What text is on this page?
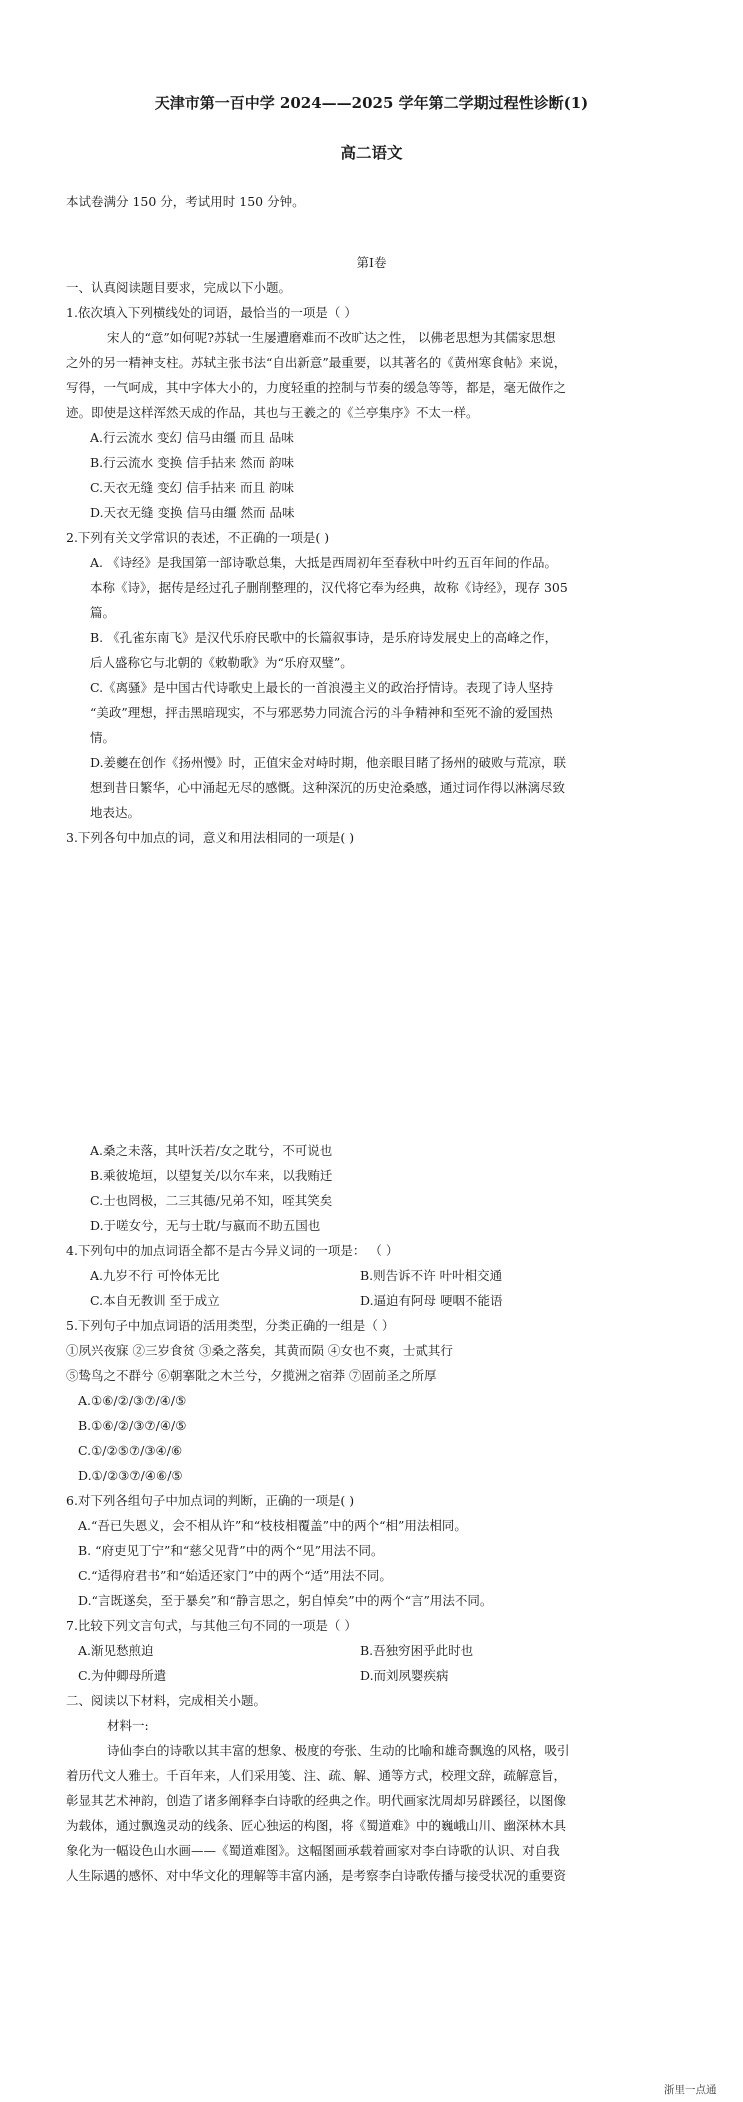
天津市第一百中学 2024——2025 学年第二学期过程性诊断(1)
高二语文
本试卷满分 150 分，考试用时 150 分钟。
第Ⅰ卷
一、认真阅读题目要求，完成以下小题。
1.依次填入下列横线处的词语，最恰当的一项是（ ）
宋人的“意”如何呢?苏轼一生屡遭磨难而不改旷达之性， 以佛老思想为其儒家思想
之外的另一精神支柱。苏轼主张书法“自出新意”最重要，以其著名的《黄州寒食帖》来说，
写得，一气呵成，其中字体大小的，力度轻重的控制与节奏的缓急等等，都是，毫无做作之
迹。即使是这样浑然天成的作品，其也与王羲之的《兰亭集序》不太一样。
A.行云流水 变幻 信马由缰 而且 品味
B.行云流水 变换 信手拈来 然而 韵味
C.天衣无缝 变幻 信手拈来 而且 韵味
D.天衣无缝 变换 信马由缰 然而 品味
2.下列有关文学常识的表述，不正确的一项是( )
A. 《诗经》是我国第一部诗歌总集，大抵是西周初年至春秋中叶约五百年间的作品。
本称《诗》，据传是经过孔子删削整理的，汉代将它奉为经典，故称《诗经》，现存 305
篇。
B. 《孔雀东南飞》是汉代乐府民歌中的长篇叙事诗，是乐府诗发展史上的高峰之作，
后人盛称它与北朝的《敕勒歌》为“乐府双璧”。
C.《离骚》是中国古代诗歌史上最长的一首浪漫主义的政治抒情诗。表现了诗人坚持
“美政”理想，抨击黑暗现实，不与邪恶势力同流合污的斗争精神和至死不渝的爱国热
情。
D.姜夔在创作《扬州慢》时，正值宋金对峙时期，他亲眼目睹了扬州的破败与荒凉，联
想到昔日繁华，心中涌起无尽的感慨。这种深沉的历史沧桑感，通过词作得以淋漓尽致
地表达。
3.下列各句中加点的词，意义和用法相同的一项是( )
A.桑之未落，其叶沃若/女之耽兮，不可说也
B.乘彼垝垣，以望复关/以尔车来，以我贿迁
C.士也罔极，二三其德/兄弟不知，咥其笑矣
D.于嗟女兮，无与士耽/与嬴而不助五国也
4.下列句中的加点词语全都不是古今异义词的一项是： （ ）
A.九岁不行 可怜体无比	B.则告诉不许 叶叶相交通
C.本自无教训 至于成立	D.逼迫有阿母 哽咽不能语
5.下列句子中加点词语的活用类型，分类正确的一组是（ ）
①夙兴夜寐 ②三岁食贫 ③桑之落矣，其黄而陨 ④女也不爽，士贰其行
⑤鸷鸟之不群兮 ⑥朝搴阰之木兰兮，夕揽洲之宿莽 ⑦固前圣之所厚
A.①⑥/②/③⑦/④/⑤
B.①⑥/②/③⑦/④/⑤
C.①/②⑤⑦/③④/⑥
D.①/②③⑦/④⑥/⑤
6.对下列各组句子中加点词的判断，正确的一项是( )
A.“吾已失恩义，会不相从许”和“枝枝相覆盖”中的两个“相”用法相同。
B. “府吏见丁宁”和“慈父见背”中的两个“见”用法不同。
C.“适得府君书”和“始适还家门”中的两个“适”用法不同。
D.“言既遂矣，至于暴矣”和“静言思之，躬自悼矣”中的两个“言”用法不同。
7.比较下列文言句式，与其他三句不同的一项是（ ）
A.渐见愁煎迫	B.吾独穷困乎此时也
C.为仲卿母所遣	D.而刘夙婴疾病
二、阅读以下材料，完成相关小题。
材料一:
诗仙李白的诗歌以其丰富的想象、极度的夸张、生动的比喻和雄奇飘逸的风格，吸引
着历代文人雅士。千百年来，人们采用笺、注、疏、解、通等方式，校理文辞，疏解意旨，
彰显其艺术神韵，创造了诸多阐释李白诗歌的经典之作。明代画家沈周却另辟蹊径，以图像
为载体，通过飘逸灵动的线条、匠心独运的构图，将《蜀道难》中的巍峨山川、幽深林木具
象化为一幅设色山水画——《蜀道难图》。这幅图画承载着画家对李白诗歌的认识、对自我
人生际遇的感怀、对中华文化的理解等丰富内涵，是考察李白诗歌传播与接受状况的重要资
浙里一点通
